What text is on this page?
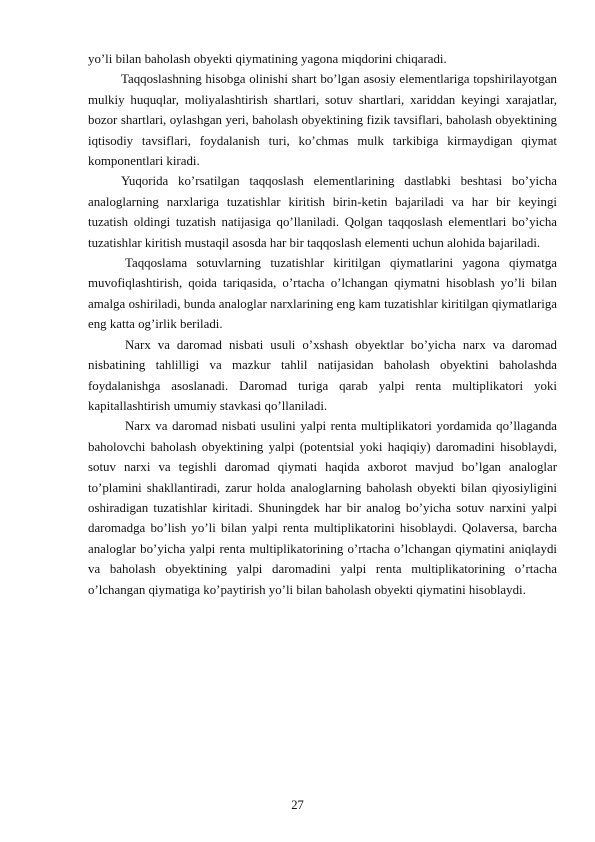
yo’li bilan baholash obyekti qiymatining yagona miqdorini chiqaradi.

Taqqoslashning hisobga olinishi shart bo’lgan asosiy elementlariga topshirilayotgan mulkiy huquqlar, moliyalashtirish shartlari, sotuv shartlari, xariddan keyingi xarajatlar, bozor shartlari, oylashgan yeri, baholash obyektining fizik tavsiflari, baholash obyektining iqtisodiy tavsiflari, foydalanish turi, ko’chmas mulk tarkibiga kirmaydigan qiymat komponentlari kiradi.

Yuqorida ko’rsatilgan taqqoslash elementlarining dastlabki beshtasi bo’yicha analoglarning narxlariga tuzatishlar kiritish birin-ketin bajariladi va har bir keyingi tuzatish oldingi tuzatish natijasiga qo’llaniladi. Qolgan taqqoslash elementlari bo’yicha tuzatishlar kiritish mustaqil asosda har bir taqqoslash elementi uchun alohida bajariladi.

Taqqoslama sotuvlarning tuzatishlar kiritilgan qiymatlarini yagona qiymatga muvofiqlashtirish, qoida tariqasida, o’rtacha o’lchangan qiymatni hisoblash yo’li bilan amalga oshiriladi, bunda analoglar narxlarining eng kam tuzatishlar kiritilgan qiymatlariga eng katta og’irlik beriladi.

Narx va daromad nisbati usuli o’xshash obyektlar bo’yicha narx va daromad nisbatining tahlilligi va mazkur tahlil natijasidan baholash obyektini baholashda foydalanishga asoslanadi. Daromad turiga qarab yalpi renta multiplikatori yoki kapitallashtirish umumiy stavkasi qo’llaniladi.

Narx va daromad nisbati usulini yalpi renta multiplikatori yordamida qo’llaganda baholovchi baholash obyektining yalpi (potentsial yoki haqiqiy) daromadini hisoblaydi, sotuv narxi va tegishli daromad qiymati haqida axborot mavjud bo’lgan analoglar to’plamini shakllantiradi, zarur holda analoglarning baholash obyekti bilan qiyosiyligini oshiradigan tuzatishlar kiritadi. Shuningdek har bir analog bo’yicha sotuv narxini yalpi daromadga bo’lish yo’li bilan yalpi renta multiplikatorini hisoblaydi. Qolaversa, barcha analoglar bo’yicha yalpi renta multiplikatorining o’rtacha o’lchangan qiymatini aniqlaydi va baholash obyektining yalpi daromadini yalpi renta multiplikatorining o’rtacha o’lchangan qiymatiga ko’paytirish yo’li bilan baholash obyekti qiymatini hisoblaydi.

27
